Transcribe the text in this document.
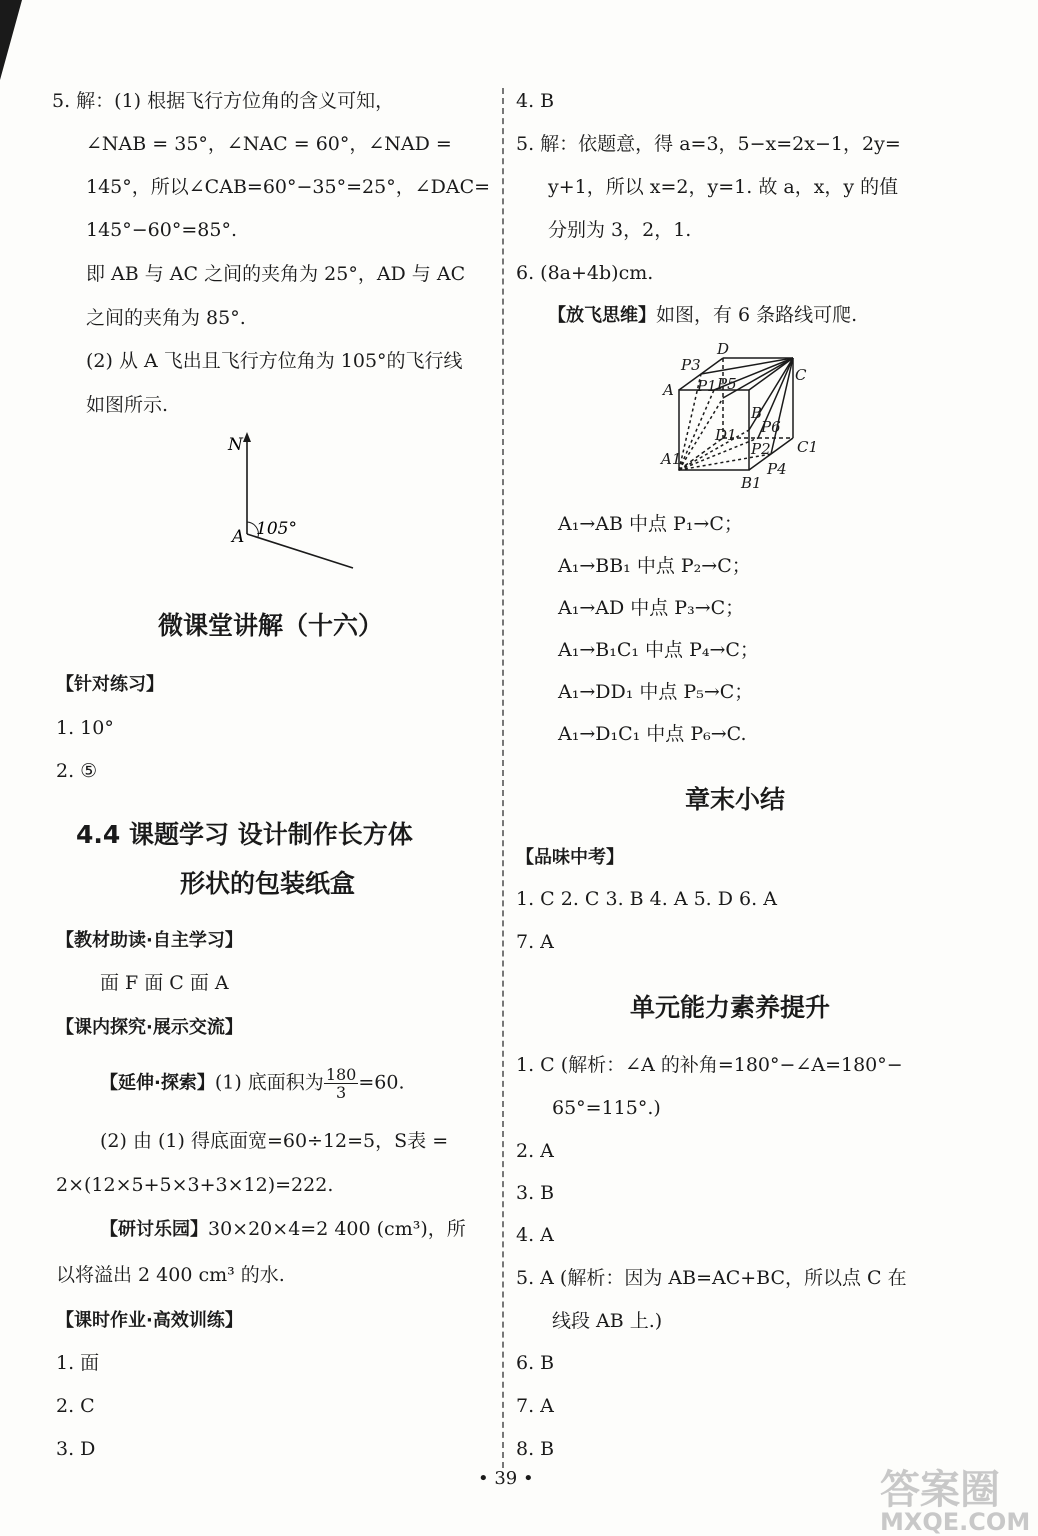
5. 解：(1) 根据飞行方位角的含义可知，
∠NAB = 35°，∠NAC = 60°，∠NAD =
145°，所以∠CAB=60°−35°=25°，∠DAC=
145°−60°=85°.
即 AB 与 AC 之间的夹角为 25°，AD 与 AC
之间的夹角为 85°.
(2) 从 A 飞出且飞行方位角为 105°的飞行线
如图所示.
N
A 105°
微课堂讲解（十六）
【针对练习】
1. 10°
2. ⑤
4.4 课题学习 设计制作长方体
形状的包装纸盒
【教材助读·自主学习】
面 F 面 C 面 A
【课内探究·展示交流】
【延伸·探索】(1) 底面积为 $\frac{180}{3} =60$.
(2) 由 (1) 得底面宽=60÷12=5，S表 =
2×(12×5+5×3+3×12)=222.
【研讨乐园】30×20×4=2 400 (cm³)，所
以将溢出 2 400 cm³ 的水.
【课时作业·高效训练】
1. 面
2. C
3. D
4. B
5. 解：依题意，得 a=3，5−x=2x−1，2y=
y+1，所以 x=2，y=1. 故 a，x，y 的值
分别为 3，2，1.
6. (8a+4b)cm.
【放飞思维】如图，有 6 条路线可爬.
D
P3
P1 P5	C
A
B
P6
D1
P2 C1
A1
P4
B1
A₁→AB 中点 P₁→C；
A₁→BB₁ 中点 P₂→C；
A₁→AD 中点 P₃→C；
A₁→B₁C₁ 中点 P₄→C；
A₁→DD₁ 中点 P₅→C；
A₁→D₁C₁ 中点 P₆→C.
章末小结
【品味中考】
1. C 2. C 3. B 4. A 5. D 6. A
7. A
单元能力素养提升
1. C (解析：∠A 的补角=180°−∠A=180°−
65°=115°.)
2. A
3. B
4. A
5. A (解析：因为 AB=AC+BC，所以点 C 在
线段 AB 上.)
6. B
7. A
8. B
• 39 •	答案圈
MXQE.COM
